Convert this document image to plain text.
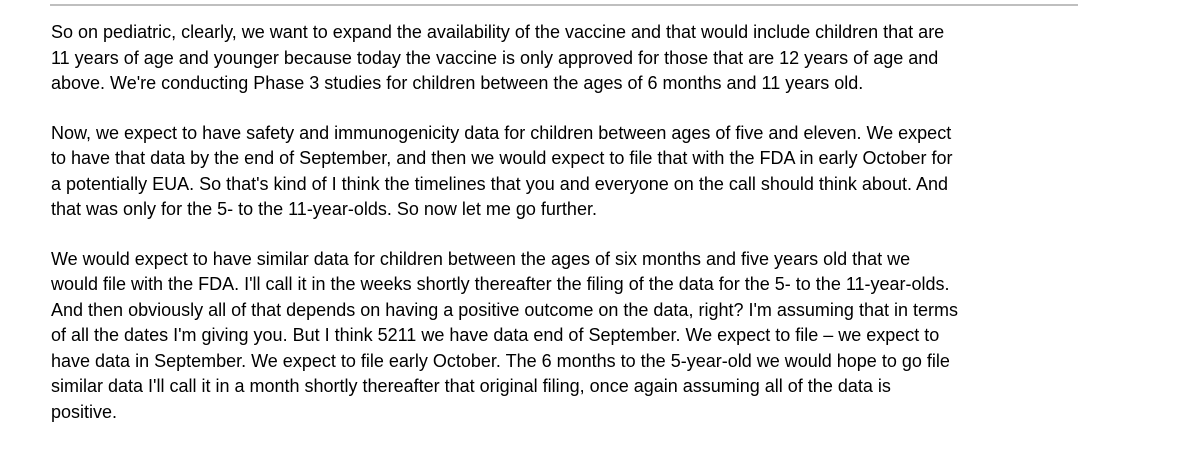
So on pediatric, clearly, we want to expand the availability of the vaccine and that would include children that are
11 years of age and younger because today the vaccine is only approved for those that are 12 years of age and
above. We're conducting Phase 3 studies for children between the ages of 6 months and 11 years old.

Now, we expect to have safety and immunogenicity data for children between ages of five and eleven. We expect
to have that data by the end of September, and then we would expect to file that with the FDA in early October for
a potentially EUA. So that's kind of I think the timelines that you and everyone on the call should think about. And
that was only for the 5- to the 11-year-olds. So now let me go further.

We would expect to have similar data for children between the ages of six months and five years old that we
would file with the FDA. I'll call it in the weeks shortly thereafter the filing of the data for the 5- to the 11-year-olds.
And then obviously all of that depends on having a positive outcome on the data, right? I'm assuming that in terms
of all the dates I'm giving you. But I think 5211 we have data end of September. We expect to file – we expect to
have data in September. We expect to file early October. The 6 months to the 5-year-old we would hope to go file
similar data I'll call it in a month shortly thereafter that original filing, once again assuming all of the data is
positive.
